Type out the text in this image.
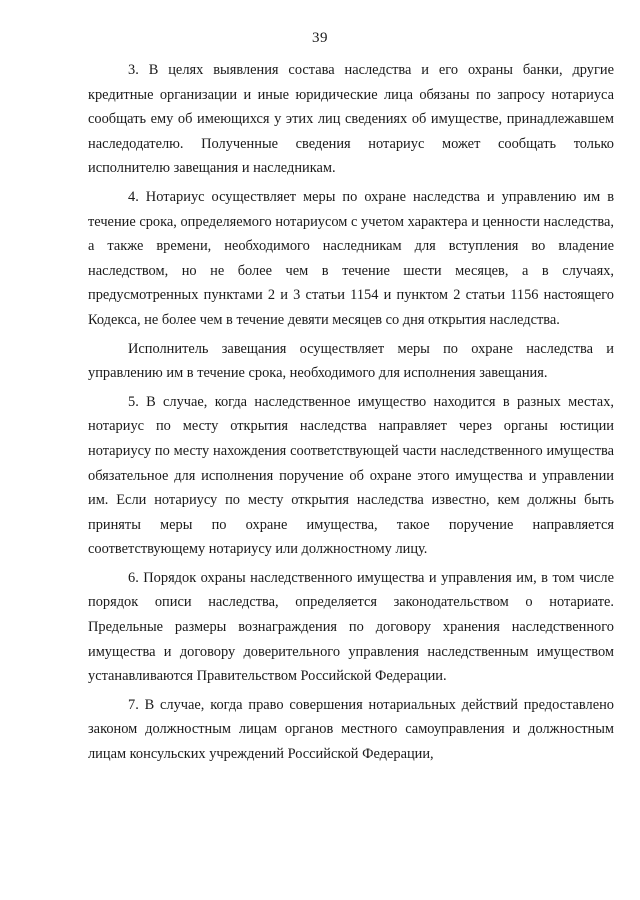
39

3. В целях выявления состава наследства и его охраны банки, другие кредитные организации и иные юридические лица обязаны по запросу нотариуса сообщать ему об имеющихся у этих лиц сведениях об имуществе, принадлежавшем наследодателю. Полученные сведения нотариус может сообщать только исполнителю завещания и наследникам.

4. Нотариус осуществляет меры по охране наследства и управлению им в течение срока, определяемого нотариусом с учетом характера и ценности наследства, а также времени, необходимого наследникам для вступления во владение наследством, но не более чем в течение шести месяцев, а в случаях, предусмотренных пунктами 2 и 3 статьи 1154 и пунктом 2 статьи 1156 настоящего Кодекса, не более чем в течение девяти месяцев со дня открытия наследства.

Исполнитель завещания осуществляет меры по охране наследства и управлению им в течение срока, необходимого для исполнения завещания.

5. В случае, когда наследственное имущество находится в разных местах, нотариус по месту открытия наследства направляет через органы юстиции нотариусу по месту нахождения соответствующей части наследственного имущества обязательное для исполнения поручение об охране этого имущества и управлении им. Если нотариусу по месту открытия наследства известно, кем должны быть приняты меры по охране имущества, такое поручение направляется соответствующему нотариусу или должностному лицу.

6. Порядок охраны наследственного имущества и управления им, в том числе порядок описи наследства, определяется законодательством о нотариате. Предельные размеры вознаграждения по договору хранения наследственного имущества и договору доверительного управления наследственным имуществом устанавливаются Правительством Российской Федерации.

7. В случае, когда право совершения нотариальных действий предоставлено законом должностным лицам органов местного самоуправления и должностным лицам консульских учреждений Российской Федерации,
